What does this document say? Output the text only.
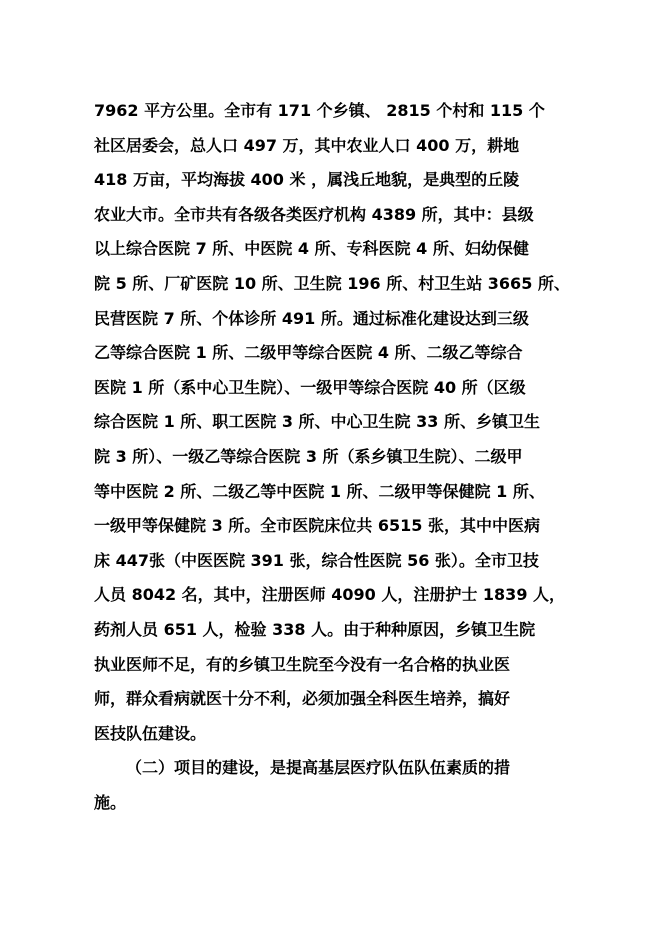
7962 平方公里。全市有 171 个乡镇、 2815 个村和 115 个
社区居委会，总人口 497 万，其中农业人口 400 万，耕地
418 万亩，平均海拔 400 米 ，属浅丘地貌，是典型的丘陵
农业大市。全市共有各级各类医疗机构 4389 所，其中：县级
以上综合医院 7 所、中医院 4 所、专科医院 4 所、妇幼保健
院 5 所、厂矿医院 10 所、卫生院 196 所、村卫生站 3665 所、
民营医院 7 所、个体诊所 491 所。通过标准化建设达到三级
乙等综合医院 1 所、二级甲等综合医院 4 所、二级乙等综合
医院 1 所（系中心卫生院）、一级甲等综合医院 40 所（区级
综合医院 1 所、职工医院 3 所、中心卫生院 33 所、乡镇卫生
院 3 所）、一级乙等综合医院 3 所（系乡镇卫生院）、二级甲
等中医院 2 所、二级乙等中医院 1 所、二级甲等保健院 1 所、
一级甲等保健院 3 所。全市医院床位共 6515 张，其中中医病
床 447张（中医医院 391 张，综合性医院 56 张）。全市卫技
人员 8042 名，其中，注册医师 4090 人，注册护士 1839 人，
药剂人员 651 人，检验 338 人。由于种种原因，乡镇卫生院
执业医师不足，有的乡镇卫生院至今没有一名合格的执业医
师，群众看病就医十分不利，必须加强全科医生培养，搞好
医技队伍建设。
（二）项目的建设，是提高基层医疗队伍队伍素质的措
施。
